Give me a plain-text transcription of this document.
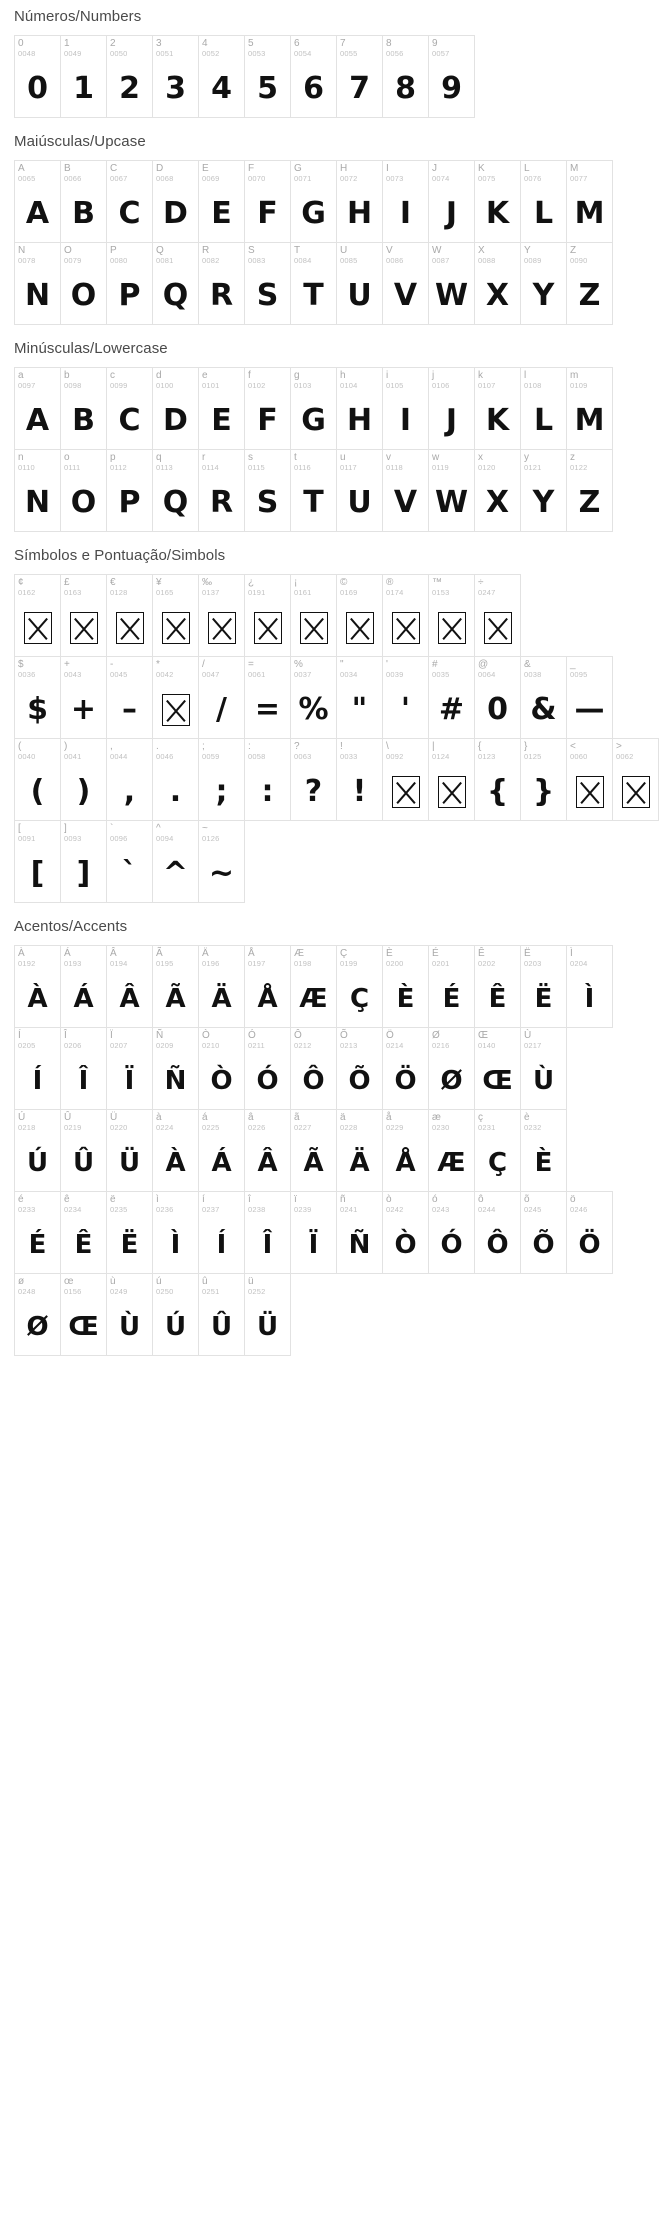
Números/Numbers
0
0048
0
1
0049
1
2
0050
2
3
0051
3
4
0052
4
5
0053
5
6
0054
6
7
0055
7
8
0056
8
9
0057
9
Maiúsculas/Upcase
A
0065
A
B
0066
B
C
0067
C
D
0068
D
E
0069
E
F
0070
F
G
0071
G
H
0072
H
I
0073
I
J
0074
J
K
0075
K
L
0076
L
M
0077
M
N
0078
N
O
0079
O
P
0080
P
Q
0081
Q
R
0082
R
S
0083
S
T
0084
T
U
0085
U
V
0086
V
W
0087
W
X
0088
X
Y
0089
Y
Z
0090
Z
Minúsculas/Lowercase
a
0097
A
b
0098
B
c
0099
C
d
0100
D
e
0101
E
f
0102
F
g
0103
G
h
0104
H
i
0105
I
j
0106
J
k
0107
K
l
0108
L
m
0109
M
n
0110
N
o
0111
O
p
0112
P
q
0113
Q
r
0114
R
s
0115
S
t
0116
T
u
0117
U
v
0118
V
w
0119
W
x
0120
X
y
0121
Y
z
0122
Z
Símbolos e Pontuação/Simbols
¢
0162
£
0163
€
0128
¥
0165
‰
0137
¿
0191
¡
0161
©
0169
®
0174
™
0153
÷
0247
$
0036
$
+
0043
+
-
0045
–
*
0042
/
0047
/
=
0061
=
%
0037
%
"
0034
"
'
0039
'
#
0035
#
@
0064
0
&
0038
&
_
0095
—
(
0040
(
)
0041
)
,
0044
,
.
0046
.
;
0059
;
:
0058
:
?
0063
?
!
0033
!
\
0092
|
0124
{
0123
{
}
0125
}
<
0060
>
0062
[
0091
[
]
0093
]
`
0096
`
^
0094
^
~
0126
~
Acentos/Accents
À
0192
À
Á
0193
Á
Â
0194
Â
Ã
0195
Ã
Ä
0196
Ä
Å
0197
Å
Æ
0198
Æ
Ç
0199
Ç
È
0200
È
É
0201
É
Ê
0202
Ê
Ë
0203
Ë
Ì
0204
Ì
Í
0205
Í
Î
0206
Î
Ï
0207
Ï
Ñ
0209
Ñ
Ò
0210
Ò
Ó
0211
Ó
Ô
0212
Ô
Õ
0213
Õ
Ö
0214
Ö
Ø
0216
Ø
Œ
0140
Œ
Ù
0217
Ù
Ú
0218
Ú
Û
0219
Û
Ü
0220
Ü
à
0224
À
á
0225
Á
â
0226
Â
ã
0227
Ã
ä
0228
Ä
å
0229
Å
æ
0230
Æ
ç
0231
Ç
è
0232
È
é
0233
É
ê
0234
Ê
ë
0235
Ë
ì
0236
Ì
í
0237
Í
î
0238
Î
ï
0239
Ï
ñ
0241
Ñ
ò
0242
Ò
ó
0243
Ó
ô
0244
Ô
õ
0245
Õ
ö
0246
Ö
ø
0248
Ø
œ
0156
Œ
ù
0249
Ù
ú
0250
Ú
û
0251
Û
ü
0252
Ü
